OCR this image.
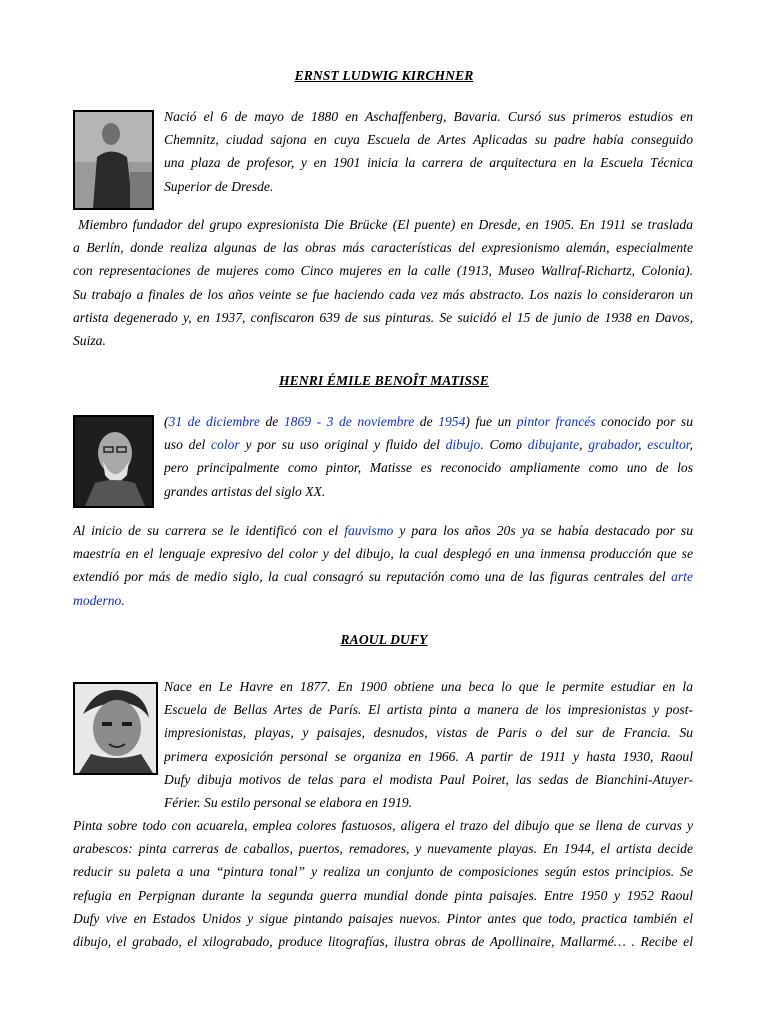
ERNST LUDWIG KIRCHNER
Nació el 6 de mayo de 1880 en Aschaffenberg, Bavaria. Cursó sus primeros estudios en
Chemnitz, ciudad sajona en cuya Escuela de Artes Aplicadas su padre había conseguido
una plaza de profesor, y en 1901 inicia la carrera de arquitectura en la Escuela Técnica
Superior de Dresde.
Miembro fundador del grupo expresionista Die Brücke (El puente) en Dresde, en 1905. En 1911 se traslada
a Berlín, donde realiza algunas de las obras más características del expresionismo alemán, especialmente
con representaciones de mujeres como Cinco mujeres en la calle (1913, Museo Wallraf-Richartz, Colonia).
Su trabajo a finales de los años veinte se fue haciendo cada vez más abstracto. Los nazis lo consideraron un
artista degenerado y, en 1937, confiscaron 639 de sus pinturas. Se suicidó el 15 de junio de 1938 en Davos,
Suiza.
HENRI ÉMILE BENOÎT MATISSE
(31 de diciembre de 1869 - 3 de noviembre de 1954) fue un pintor francés conocido por su
uso del color y por su uso original y fluido del dibujo. Como dibujante, grabador, escultor,
pero principalmente como pintor, Matisse es reconocido ampliamente como uno de los
grandes artistas del siglo XX.
Al inicio de su carrera se le identificó con el fauvismo y para los años 20s ya se había destacado por su
maestría en el lenguaje expresivo del color y del dibujo, la cual desplegó en una inmensa producción que se
extendió por más de medio siglo, la cual consagró su reputación como una de las figuras centrales del arte
moderno.
RAOUL DUFY
Nace en Le Havre en 1877. En 1900 obtiene una beca lo que le permite estudiar en la
Escuela de Bellas Artes de París. El artista pinta a manera de los impresionistas y post-
impresionistas, playas, y paisajes, desnudos, vistas de Paris o del sur de Francia. Su
primera exposición personal se organiza en 1966. A partir de 1911 y hasta 1930, Raoul
Dufy dibuja motivos de telas para el modista Paul Poiret, las sedas de Bianchini-Atuyer-
Férier. Su estilo personal se elabora en 1919.
Pinta sobre todo con acuarela, emplea colores fastuosos, aligera el trazo del dibujo que se llena de curvas y
arabescos: pinta carreras de caballos, puertos, remadores, y nuevamente playas. En 1944, el artista decide
reducir su paleta a una “pintura tonal” y realiza un conjunto de composiciones según estos principios. Se
refugia en Perpignan durante la segunda guerra mundial donde pinta paisajes. Entre 1950 y 1952 Raoul
Dufy vive en Estados Unidos y sigue pintando paisajes nuevos. Pintor antes que todo, practica también el
dibujo, el grabado, el xilograbado, produce litografías, ilustra obras de Apollinaire, Mallarmé… . Recibe el
